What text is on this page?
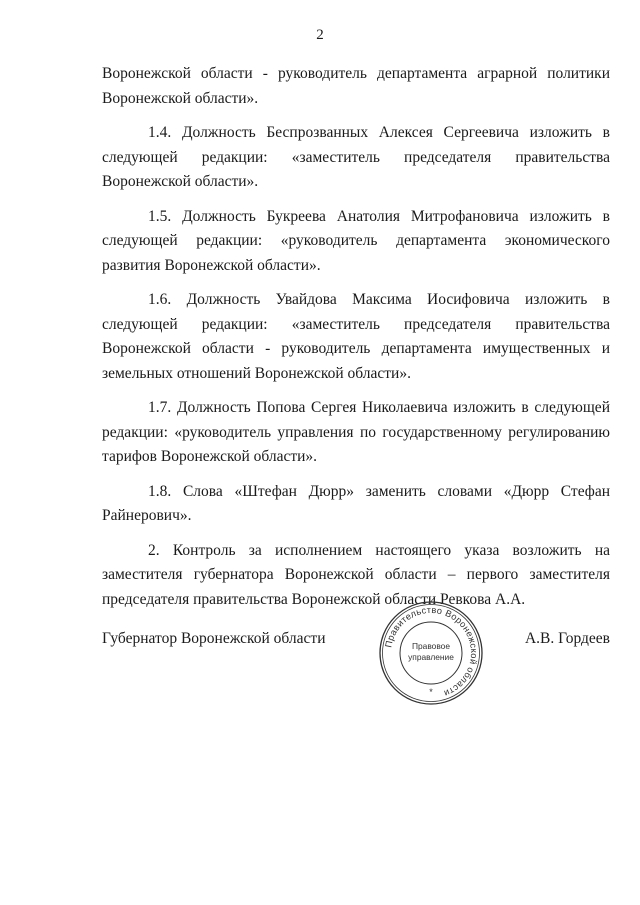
2

Воронежской области - руководитель департамента аграрной политики Воронежской области».

1.4. Должность Беспрозванных Алексея Сергеевича изложить в следующей редакции: «заместитель председателя правительства Воронежской области».

1.5. Должность Букреева Анатолия Митрофановича изложить в следующей редакции: «руководитель департамента экономического развития Воронежской области».

1.6. Должность Увайдова Максима Иосифовича изложить в следующей редакции: «заместитель председателя правительства Воронежской области - руководитель департамента имущественных и земельных отношений Воронежской области».

1.7. Должность Попова Сергея Николаевича изложить в следующей редакции: «руководитель управления по государственному регулированию тарифов Воронежской области».

1.8. Слова «Штефан Дюрр» заменить словами «Дюрр Стефан Райнерович».

2. Контроль за исполнением настоящего указа возложить на заместителя губернатора Воронежской области – первого заместителя председателя правительства Воронежской области Ревкова А.А.

Губернатор Воронежской области	А.В. Гордеев
Правительство Воронежской области
Правовое
управление
*
